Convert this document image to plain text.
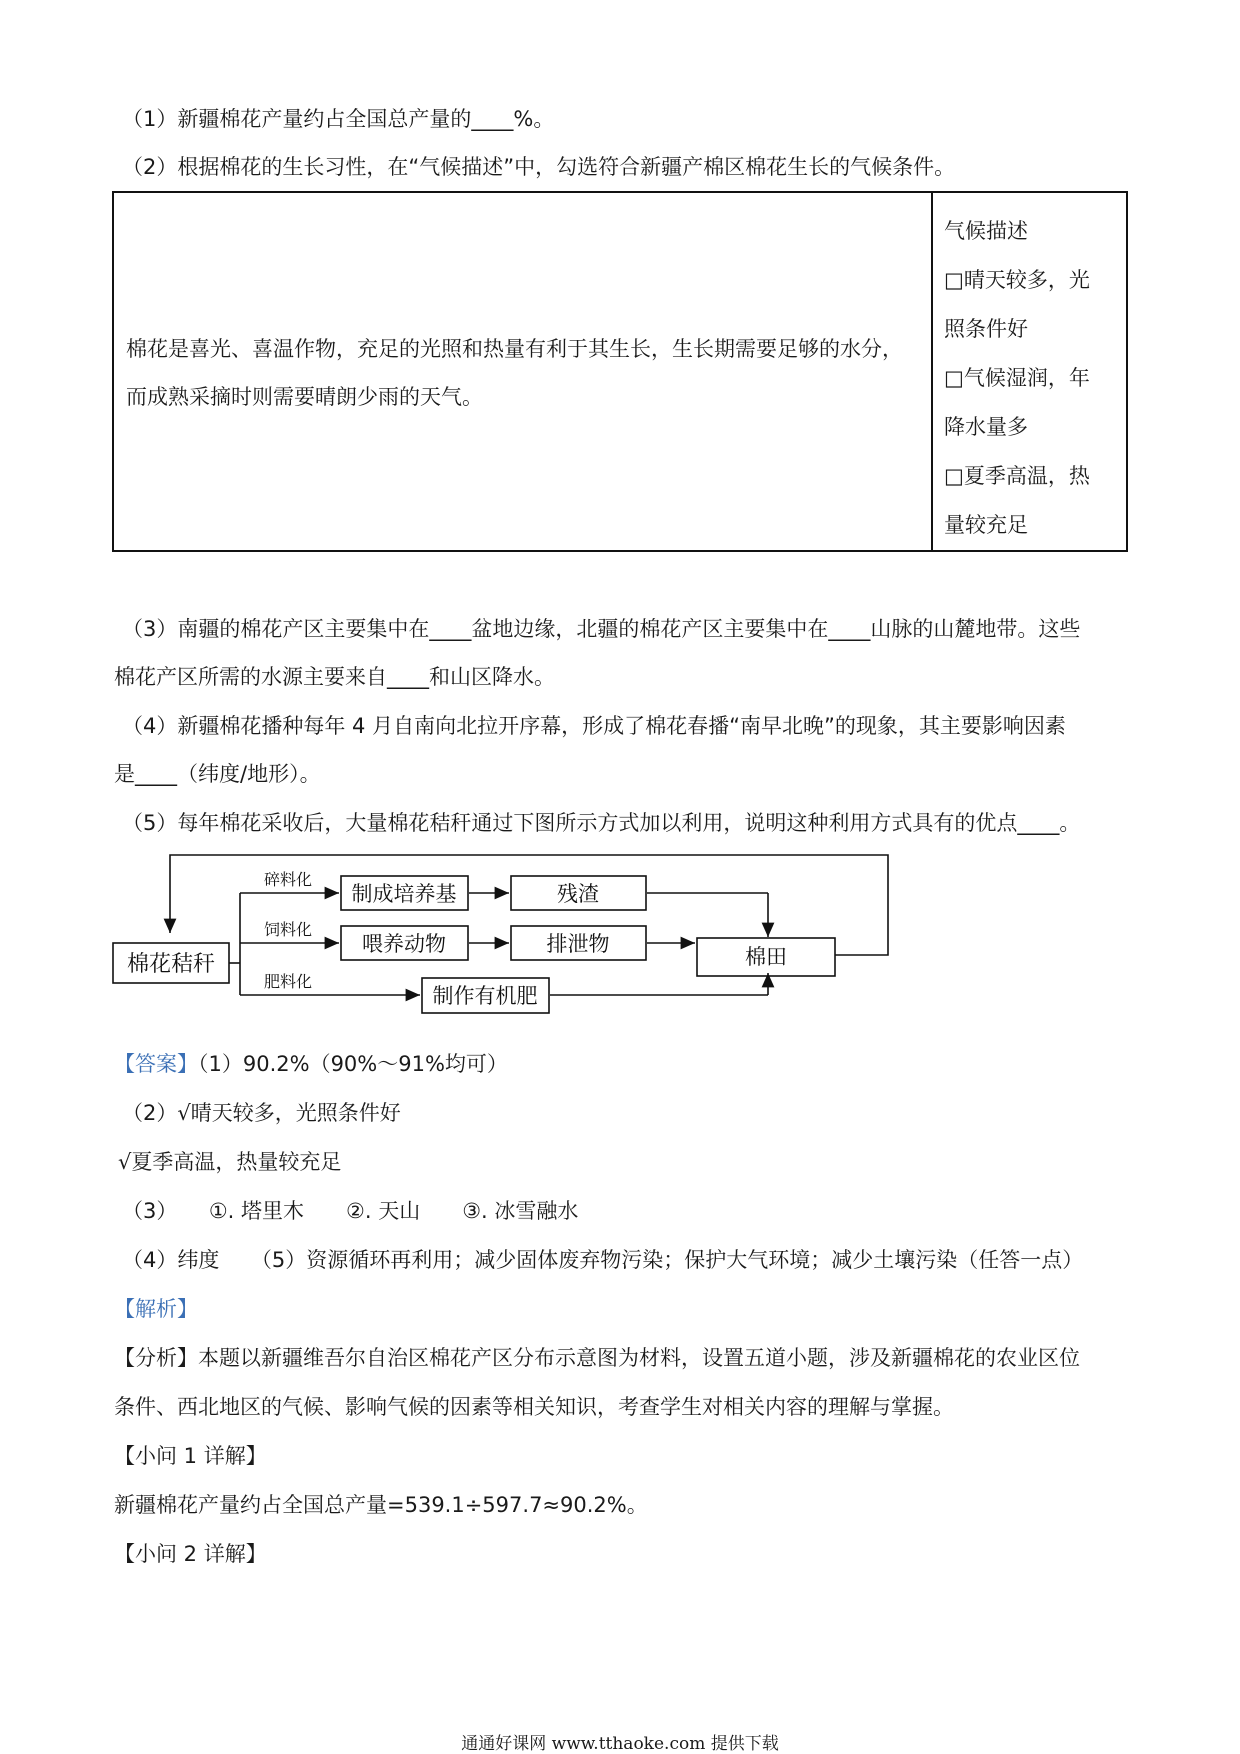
（1）新疆棉花产量约占全国总产量的____%。
（2）根据棉花的生长习性，在“气候描述”中，勾选符合新疆产棉区棉花生长的气候条件。
棉花是喜光、喜温作物，充足的光照和热量有利于其生长，生长期需要足够的水分，而成熟采摘时则需要晴朗少雨的天气。
气候描述
□晴天较多，光
照条件好
□气候湿润，年
降水量多
□夏季高温，热
量较充足
（3）南疆的棉花产区主要集中在____盆地边缘，北疆的棉花产区主要集中在____山脉的山麓地带。这些
棉花产区所需的水源主要来自____和山区降水。
（4）新疆棉花播种每年 4 月自南向北拉开序幕，形成了棉花春播“南早北晚”的现象，其主要影响因素
是____（纬度/地形）。
（5）每年棉花采收后，大量棉花秸秆通过下图所示方式加以利用，说明这种利用方式具有的优点____。
棉花秸秆
碎料化
饲料化
肥料化
制成培养基	残渣
喂养动物	排泄物
制作有机肥
棉田
【答案】（1）90.2%（90%～91%均可）
（2）√晴天较多，光照条件好
√夏季高温，热量较充足
（3）　　①. 塔里木　　②. 天山　　③. 冰雪融水
（4）纬度　　（5）资源循环再利用；减少固体废弃物污染；保护大气环境；减少土壤污染（任答一点）
【解析】
【分析】本题以新疆维吾尔自治区棉花产区分布示意图为材料，设置五道小题，涉及新疆棉花的农业区位
条件、西北地区的气候、影响气候的因素等相关知识，考查学生对相关内容的理解与掌握。
【小问 1 详解】
新疆棉花产量约占全国总产量=539.1÷597.7≈90.2%。
【小问 2 详解】
通通好课网 www.tthaoke.com 提供下载
